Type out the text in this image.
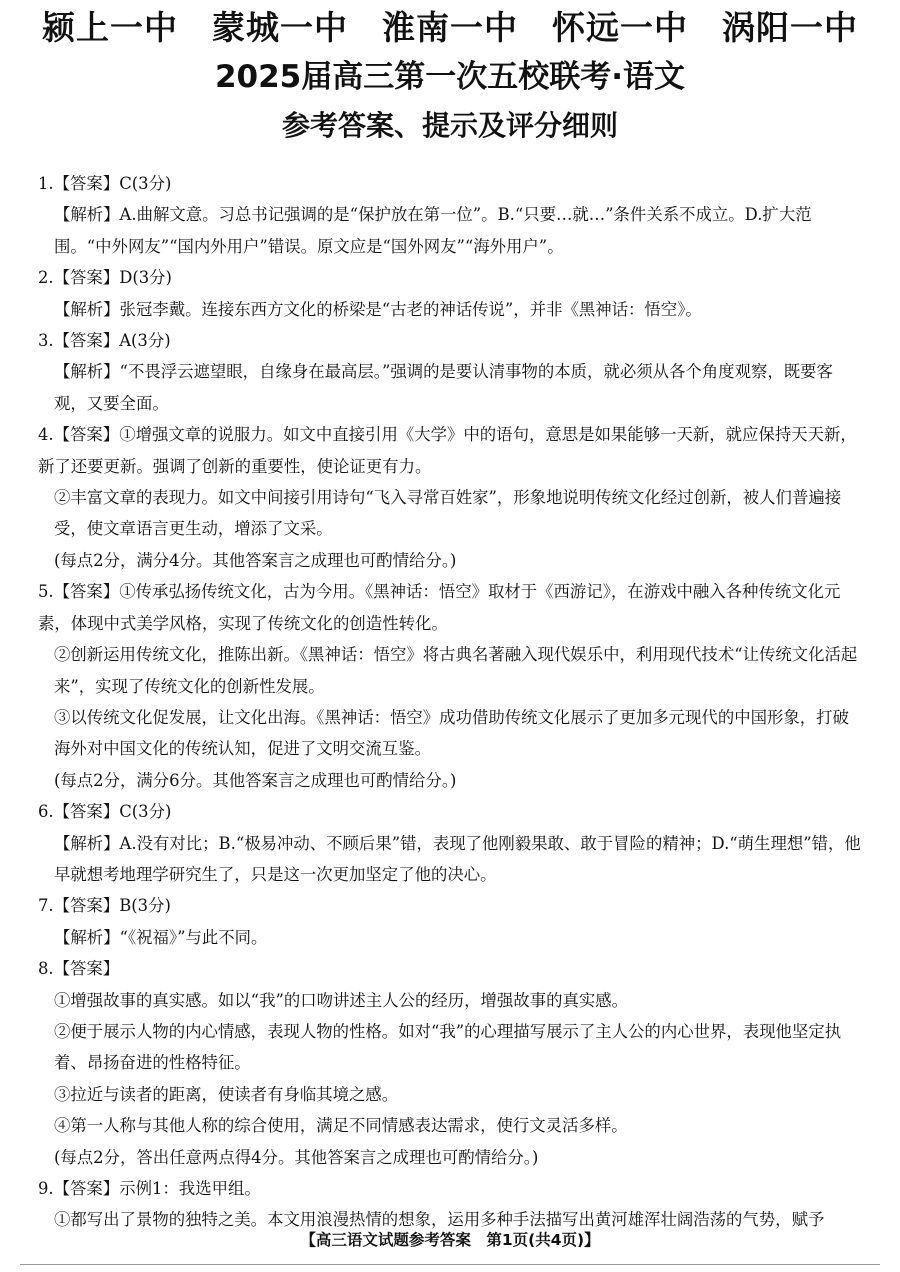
颍上一中　蒙城一中　淮南一中　怀远一中　涡阳一中
2025届高三第一次五校联考·语文
参考答案、提示及评分细则

1.【答案】C(3分)

【解析】A.曲解文意。习总书记强调的是“保护放在第一位”。B.“只要…就…”条件关系不成立。D.扩大范围。“中外网友”“国内外用户”错误。原文应是“国外网友”“海外用户”。

2.【答案】D(3分)

【解析】张冠李戴。连接东西方文化的桥梁是“古老的神话传说”，并非《黑神话：悟空》。

3.【答案】A(3分)

【解析】“不畏浮云遮望眼，自缘身在最高层。”强调的是要认清事物的本质，就必须从各个角度观察，既要客观，又要全面。

4.【答案】①增强文章的说服力。如文中直接引用《大学》中的语句，意思是如果能够一天新，就应保持天天新，新了还要更新。强调了创新的重要性，使论证更有力。

②丰富文章的表现力。如文中间接引用诗句“飞入寻常百姓家”，形象地说明传统文化经过创新，被人们普遍接受，使文章语言更生动，增添了文采。

(每点2分，满分4分。其他答案言之成理也可酌情给分。)

5.【答案】①传承弘扬传统文化，古为今用。《黑神话：悟空》取材于《西游记》，在游戏中融入各种传统文化元素，体现中式美学风格，实现了传统文化的创造性转化。

②创新运用传统文化，推陈出新。《黑神话：悟空》将古典名著融入现代娱乐中，利用现代技术“让传统文化活起来”，实现了传统文化的创新性发展。

③以传统文化促发展，让文化出海。《黑神话：悟空》成功借助传统文化展示了更加多元现代的中国形象，打破海外对中国文化的传统认知，促进了文明交流互鉴。

(每点2分，满分6分。其他答案言之成理也可酌情给分。)

6.【答案】C(3分)

【解析】A.没有对比；B.“极易冲动、不顾后果”错，表现了他刚毅果敢、敢于冒险的精神；D.“萌生理想”错，他早就想考地理学研究生了，只是这一次更加坚定了他的决心。

7.【答案】B(3分)

【解析】“《祝福》”与此不同。

8.【答案】

①增强故事的真实感。如以“我”的口吻讲述主人公的经历，增强故事的真实感。

②便于展示人物的内心情感，表现人物的性格。如对“我”的心理描写展示了主人公的内心世界，表现他坚定执着、昂扬奋进的性格特征。

③拉近与读者的距离，使读者有身临其境之感。

④第一人称与其他人称的综合使用，满足不同情感表达需求，使行文灵活多样。

(每点2分，答出任意两点得4分。其他答案言之成理也可酌情给分。)

9.【答案】示例1：我选甲组。

①都写出了景物的独特之美。本文用浪漫热情的想象，运用多种手法描写出黄河雄浑壮阔浩荡的气势，赋予

【高三语文试题参考答案　第1页(共4页)】
